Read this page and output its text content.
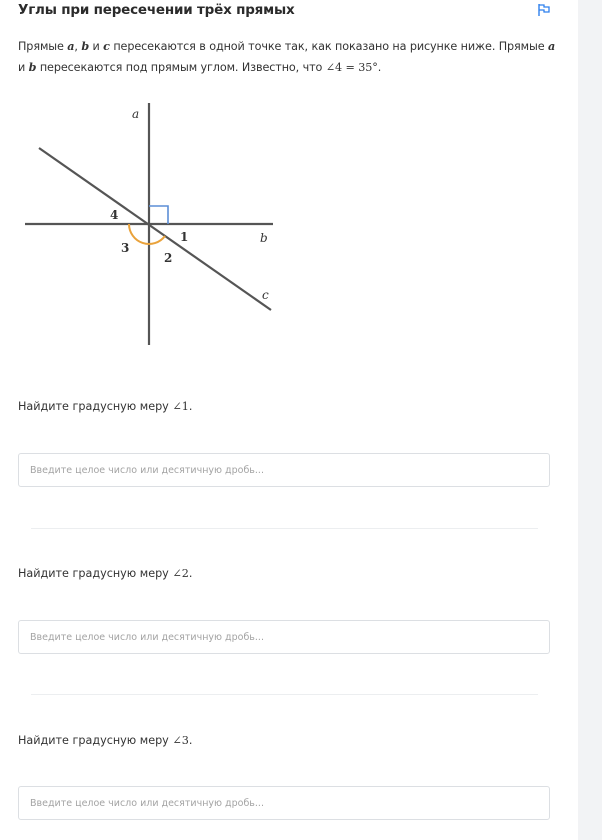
Углы при пересечении трёх прямых
Прямые a, b и c пересекаются в одной точке так, как показано на рисунке ниже. Прямые a и b пересекаются под прямым углом. Известно, что ∠4 = 35°.
a
b
c
4
1
3
2
Найдите градусную меру ∠1.
Введите целое число или десятичную дробь...
Найдите градусную меру ∠2.
Введите целое число или десятичную дробь...
Найдите градусную меру ∠3.
Введите целое число или десятичную дробь...
